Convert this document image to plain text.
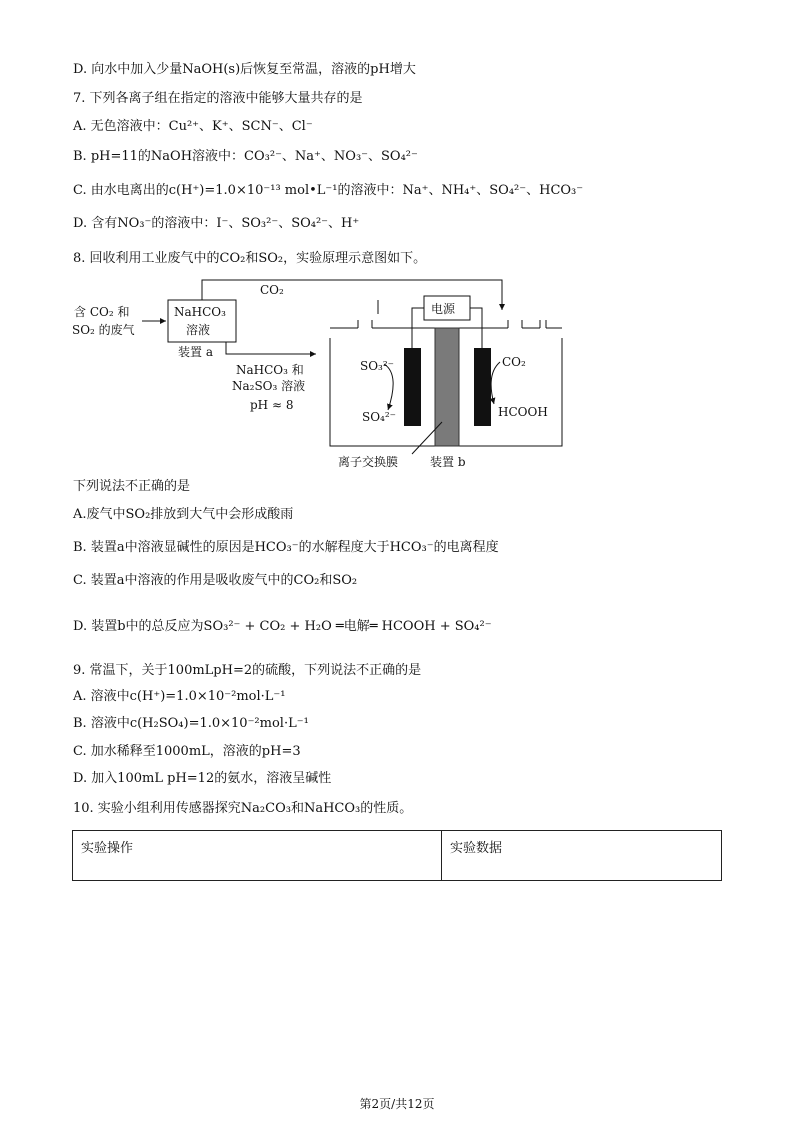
D. 向水中加入少量NaOH(s)后恢复至常温，溶液的pH增大
7. 下列各离子组在指定的溶液中能够大量共存的是
A. 无色溶液中：Cu²⁺、K⁺、SCN⁻、Cl⁻
B. pH=11的NaOH溶液中：CO₃²⁻、Na⁺、NO₃⁻、SO₄²⁻
C. 由水电离出的c(H⁺)=1.0×10⁻¹³ mol•L⁻¹的溶液中：Na⁺、NH₄⁺、SO₄²⁻、HCO₃⁻
D. 含有NO₃⁻的溶液中：I⁻、SO₃²⁻、SO₄²⁻、H⁺
8. 回收利用工业废气中的CO₂和SO₂，实验原理示意图如下。
含 CO₂ 和
SO₂ 的废气
NaHCO₃
溶液
装置 a
CO₂
NaHCO₃ 和
Na₂SO₃ 溶液
pH ≈ 8
电源
SO₃²⁻
SO₄²⁻
CO₂
HCOOH
离子交换膜	装置 b
下列说法不正确的是
A.废气中SO₂排放到大气中会形成酸雨
B. 装置a中溶液显碱性的原因是HCO₃⁻的水解程度大于HCO₃⁻的电离程度
C. 装置a中溶液的作用是吸收废气中的CO₂和SO₂
D. 装置b中的总反应为SO₃²⁻ + CO₂ + H₂O ═电解═ HCOOH + SO₄²⁻
9. 常温下，关于100mLpH=2的硫酸，下列说法不正确的是
A. 溶液中c(H⁺)=1.0×10⁻²mol·L⁻¹
B. 溶液中c(H₂SO₄)=1.0×10⁻²mol·L⁻¹
C. 加水稀释至1000mL，溶液的pH=3
D. 加入100mL pH=12的氨水，溶液呈碱性
10. 实验小组利用传感器探究Na₂CO₃和NaHCO₃的性质。
实验操作	实验数据
第2页/共12页
